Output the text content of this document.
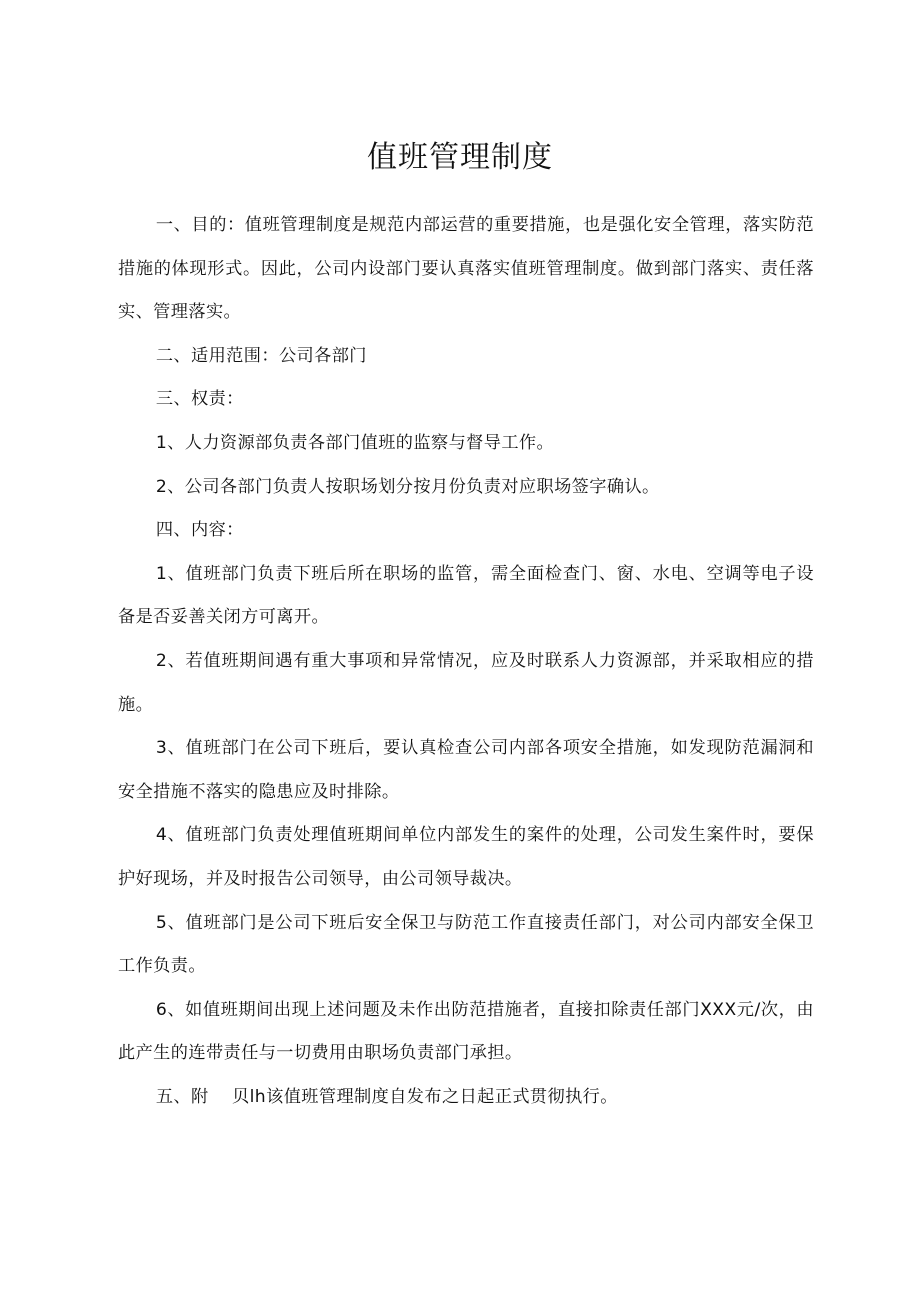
值班管理制度

一、目的：值班管理制度是规范内部运营的重要措施，也是强化安全管理，落实防范措施的体现形式。因此，公司内设部门要认真落实值班管理制度。做到部门落实、责任落实、管理落实。

二、适用范围：公司各部门

三、权责：

1、人力资源部负责各部门值班的监察与督导工作。

2、公司各部门负责人按职场划分按月份负责对应职场签字确认。

四、内容：

1、值班部门负责下班后所在职场的监管，需全面检查门、窗、水电、空调等电子设备是否妥善关闭方可离开。

2、若值班期间遇有重大事项和异常情况，应及时联系人力资源部，并采取相应的措施。

3、值班部门在公司下班后，要认真检查公司内部各项安全措施，如发现防范漏洞和安全措施不落实的隐患应及时排除。

4、值班部门负责处理值班期间单位内部发生的案件的处理，公司发生案件时，要保护好现场，并及时报告公司领导，由公司领导裁决。

5、值班部门是公司下班后安全保卫与防范工作直接责任部门，对公司内部安全保卫工作负责。

6、如值班期间出现上述问题及未作出防范措施者，直接扣除责任部门XXX元/次，由此产生的连带责任与一切费用由职场负责部门承担。

五、附    贝lh该值班管理制度自发布之日起正式贯彻执行。
